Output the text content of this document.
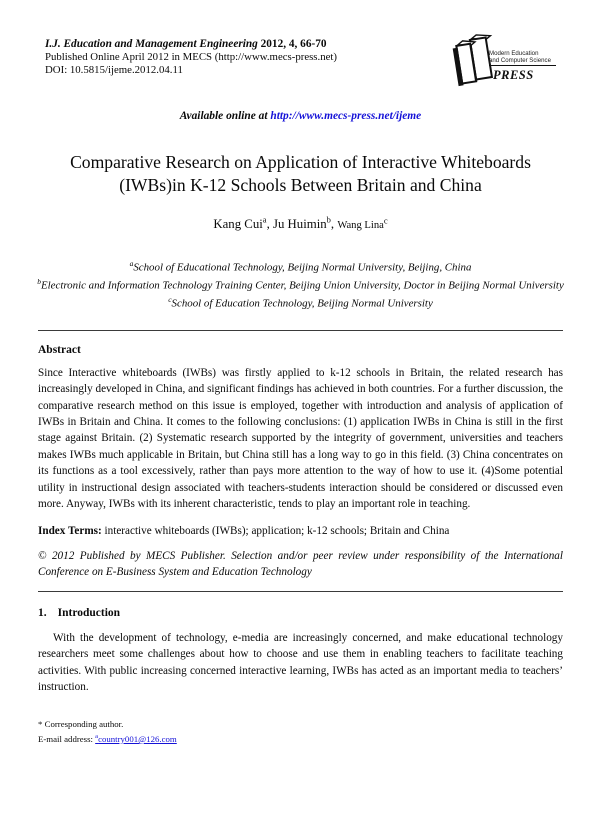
I.J. Education and Management Engineering 2012, 4, 66-70
Published Online April 2012 in MECS (http://www.mecs-press.net)
DOI: 10.5815/ijeme.2012.04.11
Modern Education
and Computer Science
PRESS
Available online at http://www.mecs-press.net/ijeme
Comparative Research on Application of Interactive Whiteboards
(IWBs)in K-12 Schools Between Britain and China
Kang Cui$^a$, Ju Huimin$^b$, Wang Lina$^c$
$^a$School of Educational Technology, Beijing Normal University, Beijing, China
$^b$Electronic and Information Technology Training Center, Beijing Union University, Doctor in Beijing Normal University
$^c$School of Education Technology, Beijing Normal University
Abstract

Since Interactive whiteboards (IWBs) was firstly applied to k-12 schools in Britain, the related research has increasingly developed in China, and significant findings has achieved in both countries. For a further discussion, the comparative research method on this issue is employed, together with introduction and analysis of application of IWBs in Britain and China. It comes to the following conclusions: (1) application IWBs in China is still in the first stage against Britain. (2) Systematic research supported by the integrity of government, universities and teachers makes IWBs much applicable in Britain, but China still has a long way to go in this field. (3) China concentrates on its functions as a tool excessively, rather than pays more attention to the way of how to use it. (4)Some potential utility in instructional design associated with teachers-students interaction should be considered or discussed even more. Anyway, IWBs with its inherent characteristic, tends to play an important role in teaching.

Index Terms: interactive whiteboards (IWBs); application; k-12 schools; Britain and China

© 2012 Published by MECS Publisher. Selection and/or peer review under responsibility of the International Conference on E-Business System and Education Technology

1. Introduction

With the development of technology, e-media are increasingly concerned, and make educational technology researchers meet some challenges about how to choose and use them in enabling teachers to facilitate teaching activities. With public increasing concerned interactive learning, IWBs has acted as an important media to teachers’ instruction.

* Corresponding author.
E-mail address: $^a$country001@126.com
